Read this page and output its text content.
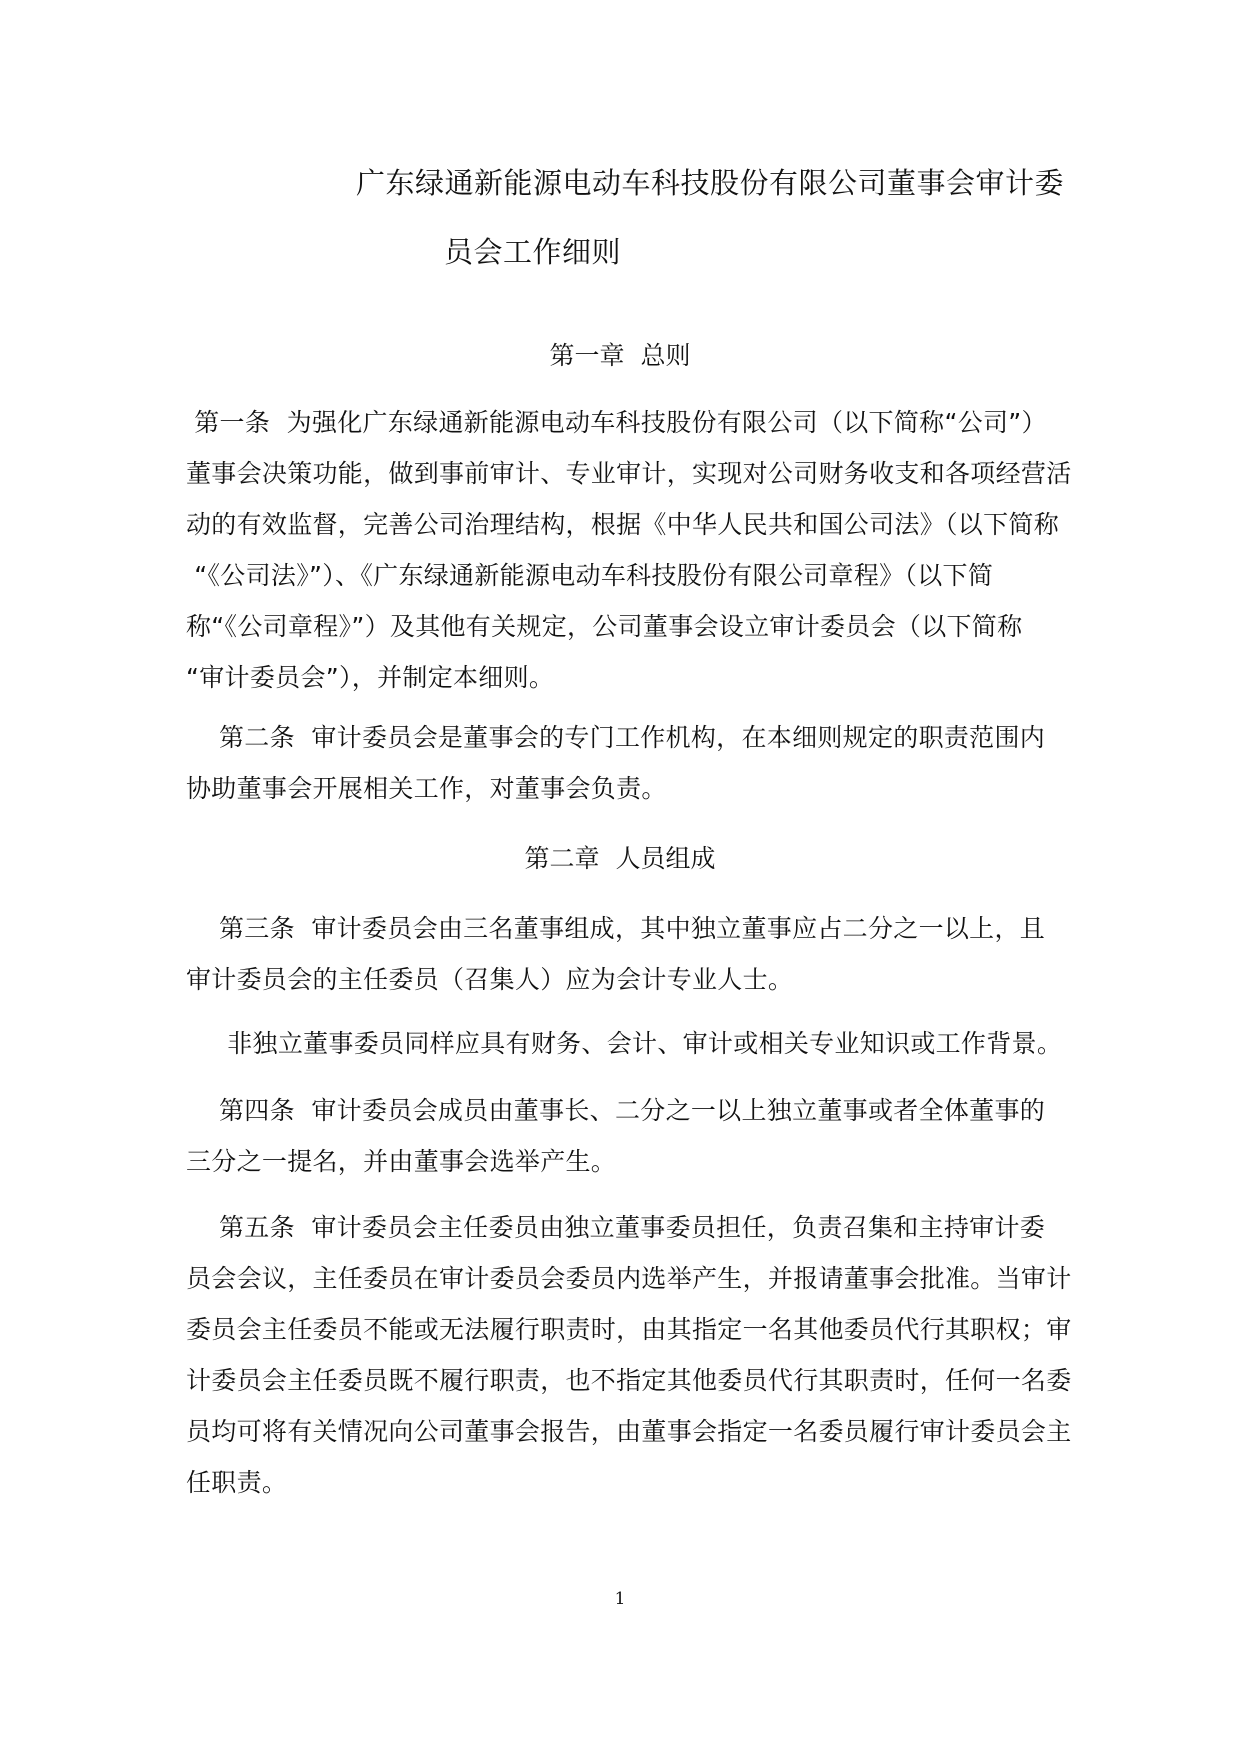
广东绿通新能源电动车科技股份有限公司董事会审计委
员会工作细则
第一章  总则
第一条  为强化广东绿通新能源电动车科技股份有限公司（以下简称“公司”）
董事会决策功能，做到事前审计、专业审计，实现对公司财务收支和各项经营活
动的有效监督，完善公司治理结构，根据《中华人民共和国公司法》（以下简称
“《公司法》”）、《广东绿通新能源电动车科技股份有限公司章程》（以下简
称“《公司章程》”）及其他有关规定，公司董事会设立审计委员会（以下简称
“审计委员会”），并制定本细则。
第二条  审计委员会是董事会的专门工作机构，在本细则规定的职责范围内
协助董事会开展相关工作，对董事会负责。
第二章  人员组成
第三条  审计委员会由三名董事组成，其中独立董事应占二分之一以上，且
审计委员会的主任委员（召集人）应为会计专业人士。
非独立董事委员同样应具有财务、会计、审计或相关专业知识或工作背景。
第四条  审计委员会成员由董事长、二分之一以上独立董事或者全体董事的
三分之一提名，并由董事会选举产生。
第五条  审计委员会主任委员由独立董事委员担任，负责召集和主持审计委
员会会议，主任委员在审计委员会委员内选举产生，并报请董事会批准。当审计
委员会主任委员不能或无法履行职责时，由其指定一名其他委员代行其职权；审
计委员会主任委员既不履行职责，也不指定其他委员代行其职责时，任何一名委
员均可将有关情况向公司董事会报告，由董事会指定一名委员履行审计委员会主
任职责。
1
